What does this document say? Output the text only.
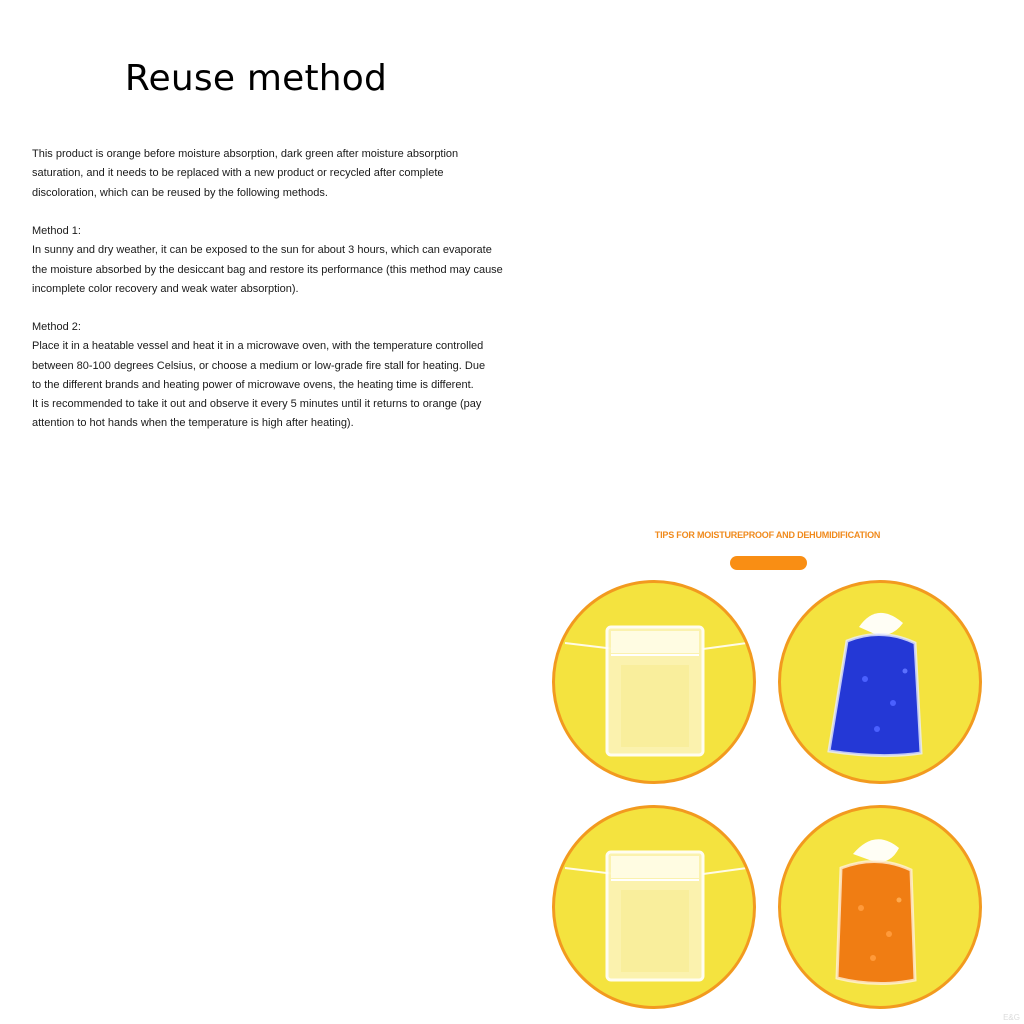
Reuse method
This product is orange before moisture absorption, dark green after moisture absorption
saturation, and it needs to be replaced with a new product or recycled after complete
discoloration, which can be reused by the following methods.
Method 1:
In sunny and dry weather, it can be exposed to the sun for about 3 hours, which can evaporate
the moisture absorbed by the desiccant bag and restore its performance (this method may cause
incomplete color recovery and weak water absorption).
Method 2:
Place it in a heatable vessel and heat it in a microwave oven, with the temperature controlled
between 80-100 degrees Celsius, or choose a medium or low-grade fire stall for heating. Due
to the different brands and heating power of microwave ovens, the heating time is different.
It is recommended to take it out and observe it every 5 minutes until it returns to orange (pay
attention to hot hands when the temperature is high after heating).
TIPS FOR MOISTUREPROOF AND DEHUMIDIFICATION
E&G
